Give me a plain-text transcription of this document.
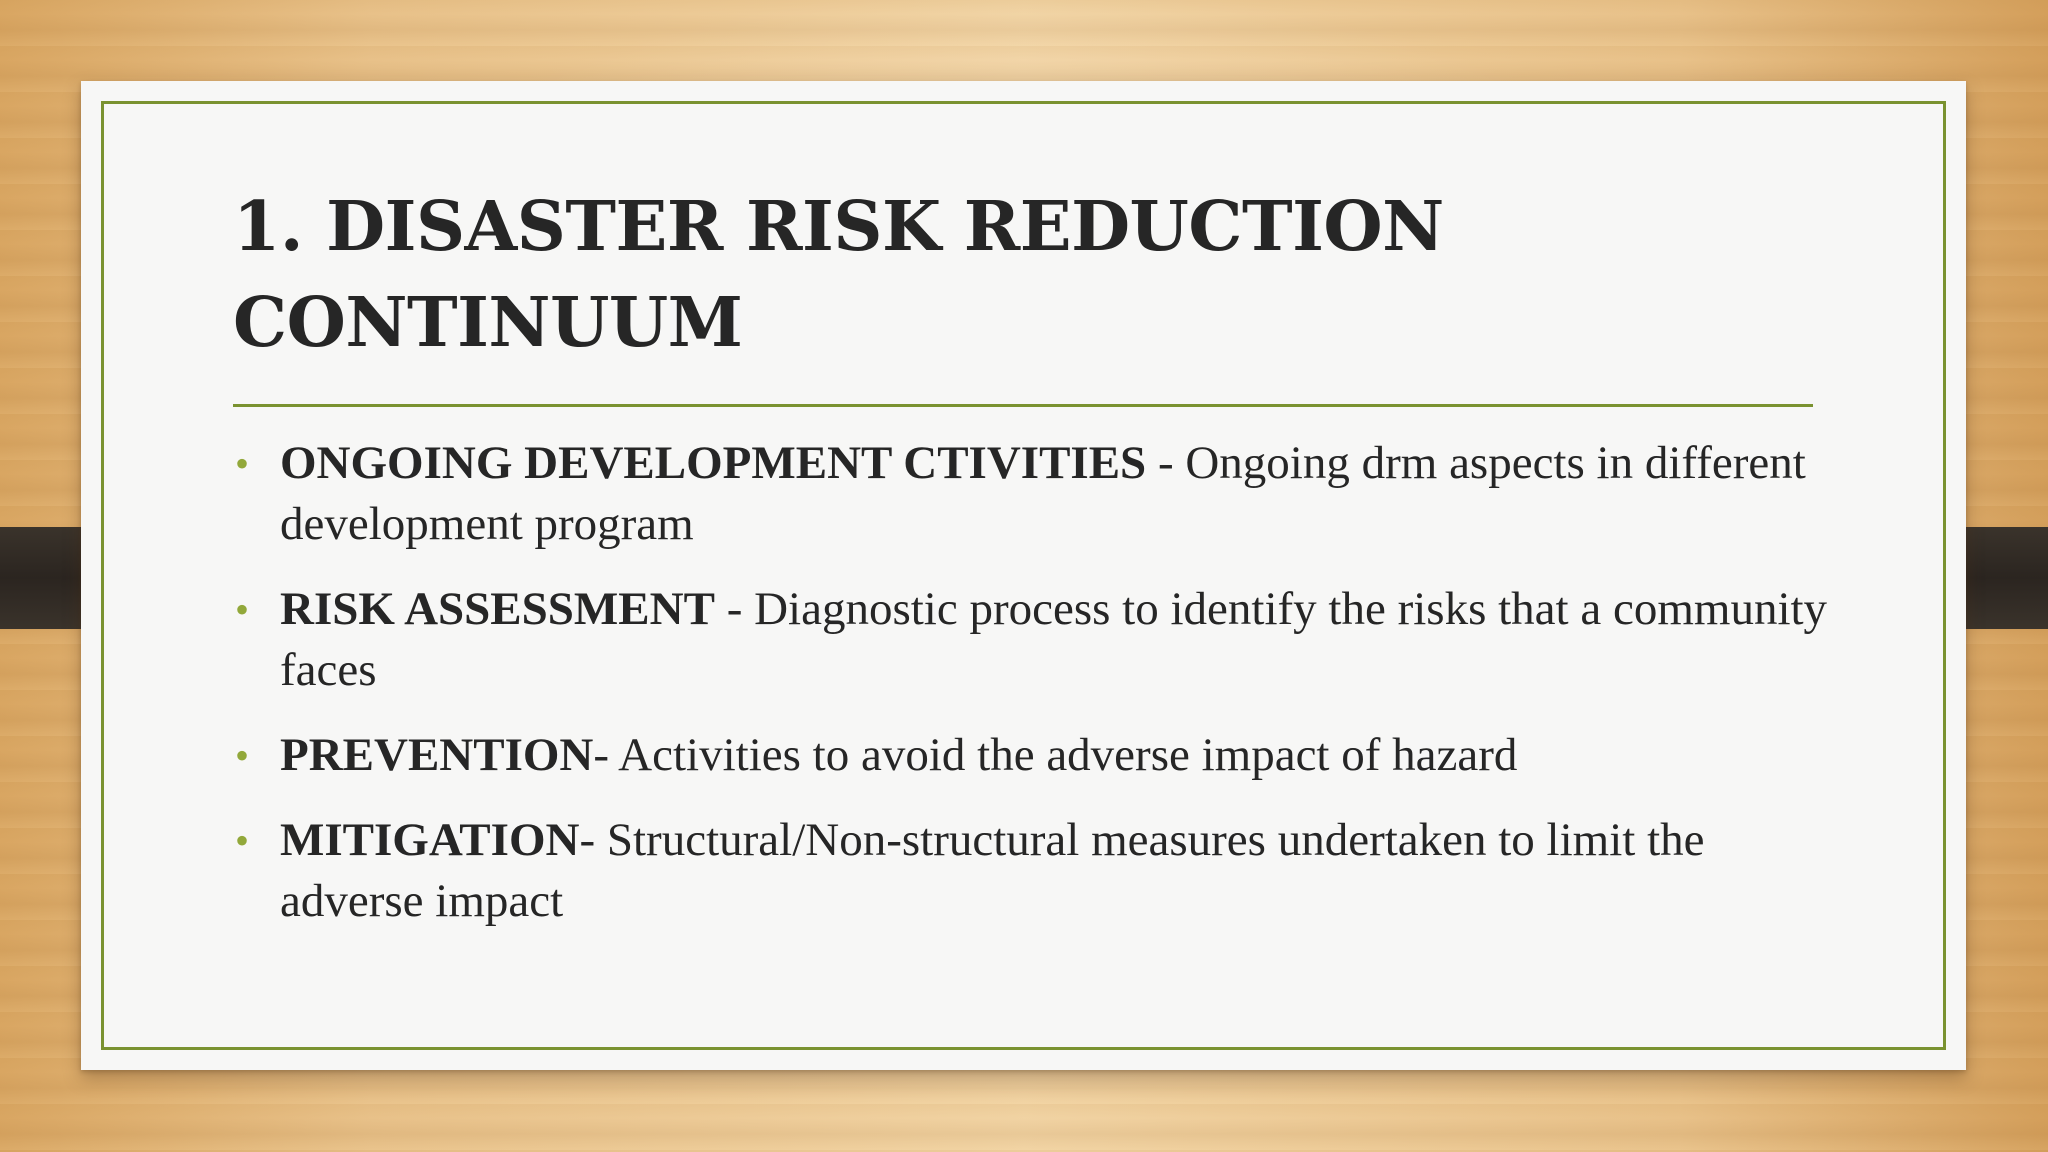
1. DISASTER RISK REDUCTION CONTINUUM
• ONGOING DEVELOPMENT CTIVITIES - Ongoing drm aspects in different development program
• RISK ASSESSMENT - Diagnostic process to identify the risks that a community faces
• PREVENTION- Activities to avoid the adverse impact of hazard
• MITIGATION- Structural/Non-structural measures undertaken to limit the adverse impact
